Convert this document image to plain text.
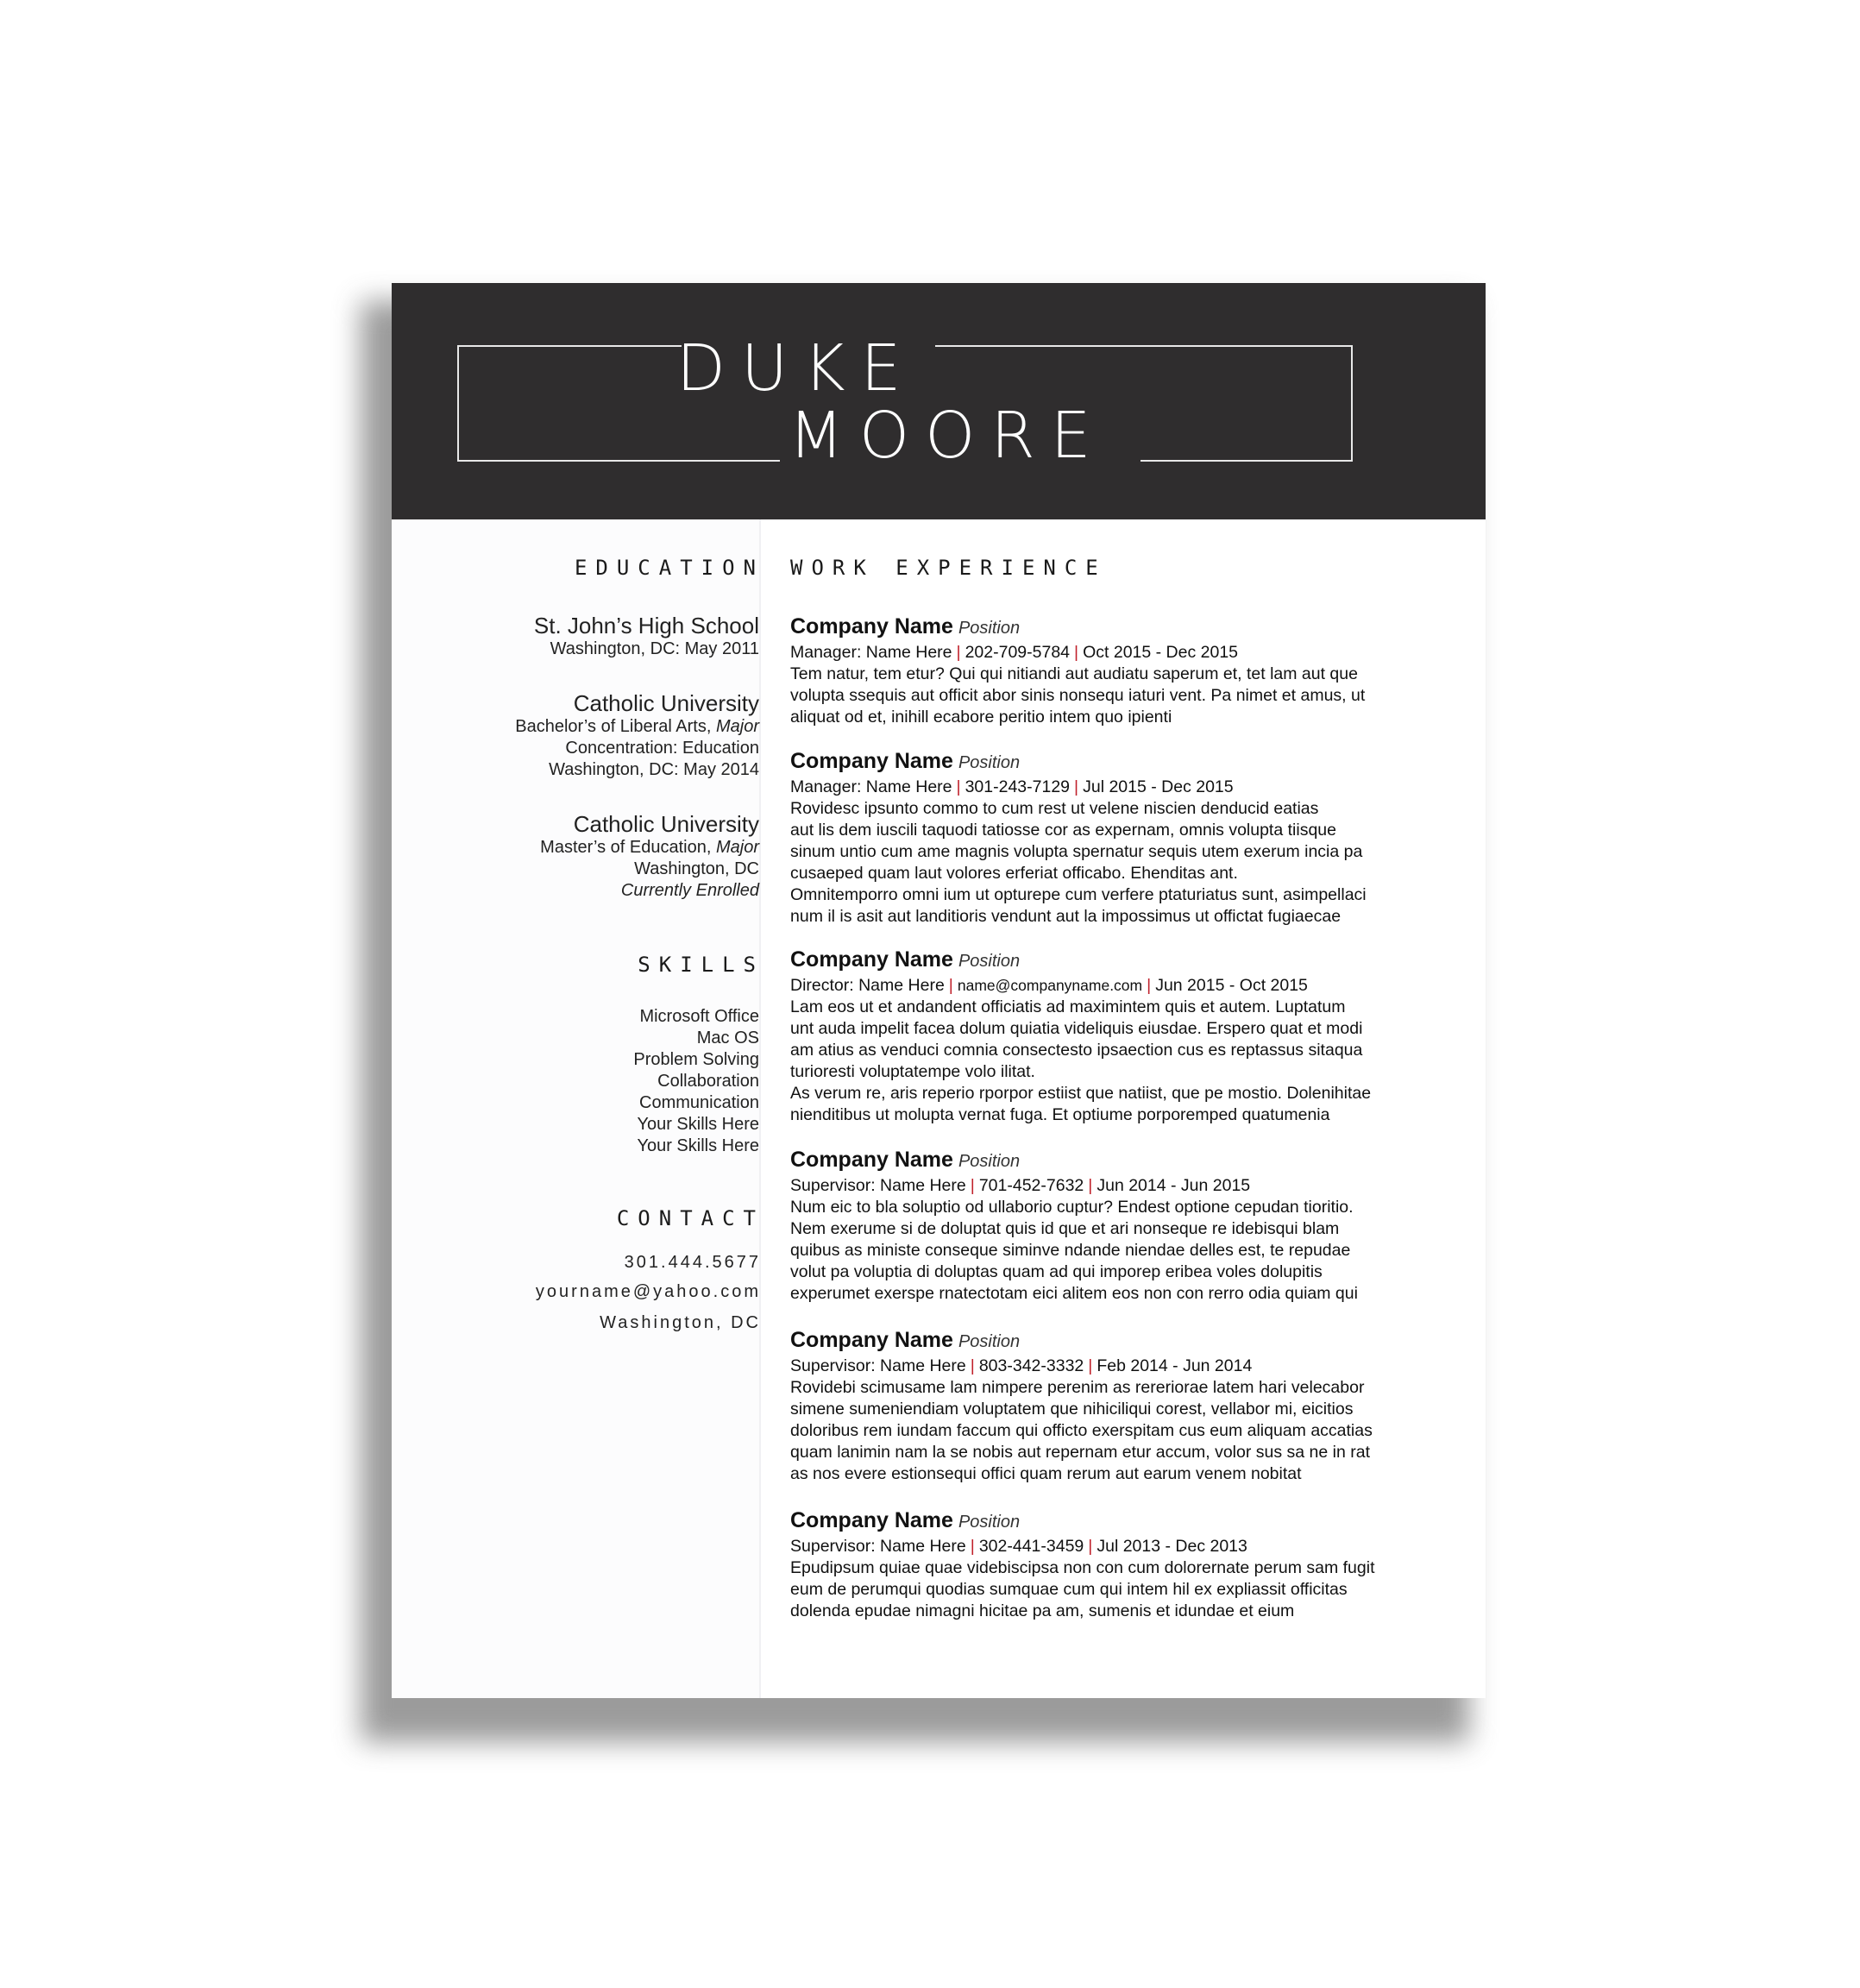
DUKE
MOORE
EDUCATION
St. John’s High School
Washington, DC: May 2011
Catholic University
Bachelor’s of Liberal Arts, Major
Concentration: Education
Washington, DC: May 2014
Catholic University
Master’s of Education, Major
Washington, DC
Currently Enrolled
SKILLS
Microsoft Office
Mac OS
Problem Solving
Collaboration
Communication
Your Skills Here
Your Skills Here
CONTACT
301.444.5677
yourname@yahoo.com
Washington, DC
WORK EXPERIENCE
Company Name Position
Manager: Name Here | 202-709-5784 | Oct 2015 - Dec 2015
Tem natur, tem etur? Qui qui nitiandi aut audiatu saperum et, tet lam aut que
volupta ssequis aut officit abor sinis nonsequ iaturi vent. Pa nimet et amus, ut
aliquat od et, inihill ecabore peritio intem quo ipienti
Company Name Position
Manager: Name Here | 301-243-7129 | Jul 2015 - Dec 2015
Rovidesc ipsunto commo to cum rest ut velene niscien denducid eatias
aut lis dem iuscili taquodi tatiosse cor as expernam, omnis volupta tiisque
sinum untio cum ame magnis volupta spernatur sequis utem exerum incia pa
cusaeped quam laut volores erferiat officabo. Ehenditas ant.
Omnitemporro omni ium ut opturepe cum verfere ptaturiatus sunt, asimpellaci
num il is asit aut landitioris vendunt aut la impossimus ut offictat fugiaecae
Company Name Position
Director: Name Here | name@companyname.com | Jun 2015 - Oct 2015
Lam eos ut et andandent officiatis ad maximintem quis et autem. Luptatum
unt auda impelit facea dolum quiatia videliquis eiusdae. Erspero quat et modi
am atius as venduci comnia consectesto ipsaection cus es reptassus sitaqua
turioresti voluptatempe volo ilitat.
As verum re, aris reperio rporpor estiist que natiist, que pe mostio. Dolenihitae
nienditibus ut molupta vernat fuga. Et optiume porporemped quatumenia
Company Name Position
Supervisor: Name Here | 701-452-7632 | Jun 2014 - Jun 2015
Num eic to bla soluptio od ullaborio cuptur? Endest optione cepudan tioritio.
Nem exerume si de doluptat quis id que et ari nonseque re idebisqui blam
quibus as ministe conseque siminve ndande niendae delles est, te repudae
volut pa voluptia di doluptas quam ad qui imporep eribea voles dolupitis
experumet exerspe rnatectotam eici alitem eos non con rerro odia quiam qui
Company Name Position
Supervisor: Name Here | 803-342-3332 | Feb 2014 - Jun 2014
Rovidebi scimusame lam nimpere perenim as rereriorae latem hari velecabor
simene sumeniendiam voluptatem que nihiciliqui corest, vellabor mi, eicitios
doloribus rem iundam faccum qui officto exerspitam cus eum aliquam accatias
quam lanimin nam la se nobis aut repernam etur accum, volor sus sa ne in rat
as nos evere estionsequi offici quam rerum aut earum venem nobitat
Company Name Position
Supervisor: Name Here | 302-441-3459 | Jul 2013 - Dec 2013
Epudipsum quiae quae videbiscipsa non con cum dolorernate perum sam fugit
eum de perumqui quodias sumquae cum qui intem hil ex expliassit officitas
dolenda epudae nimagni hicitae pa am, sumenis et idundae et eium
